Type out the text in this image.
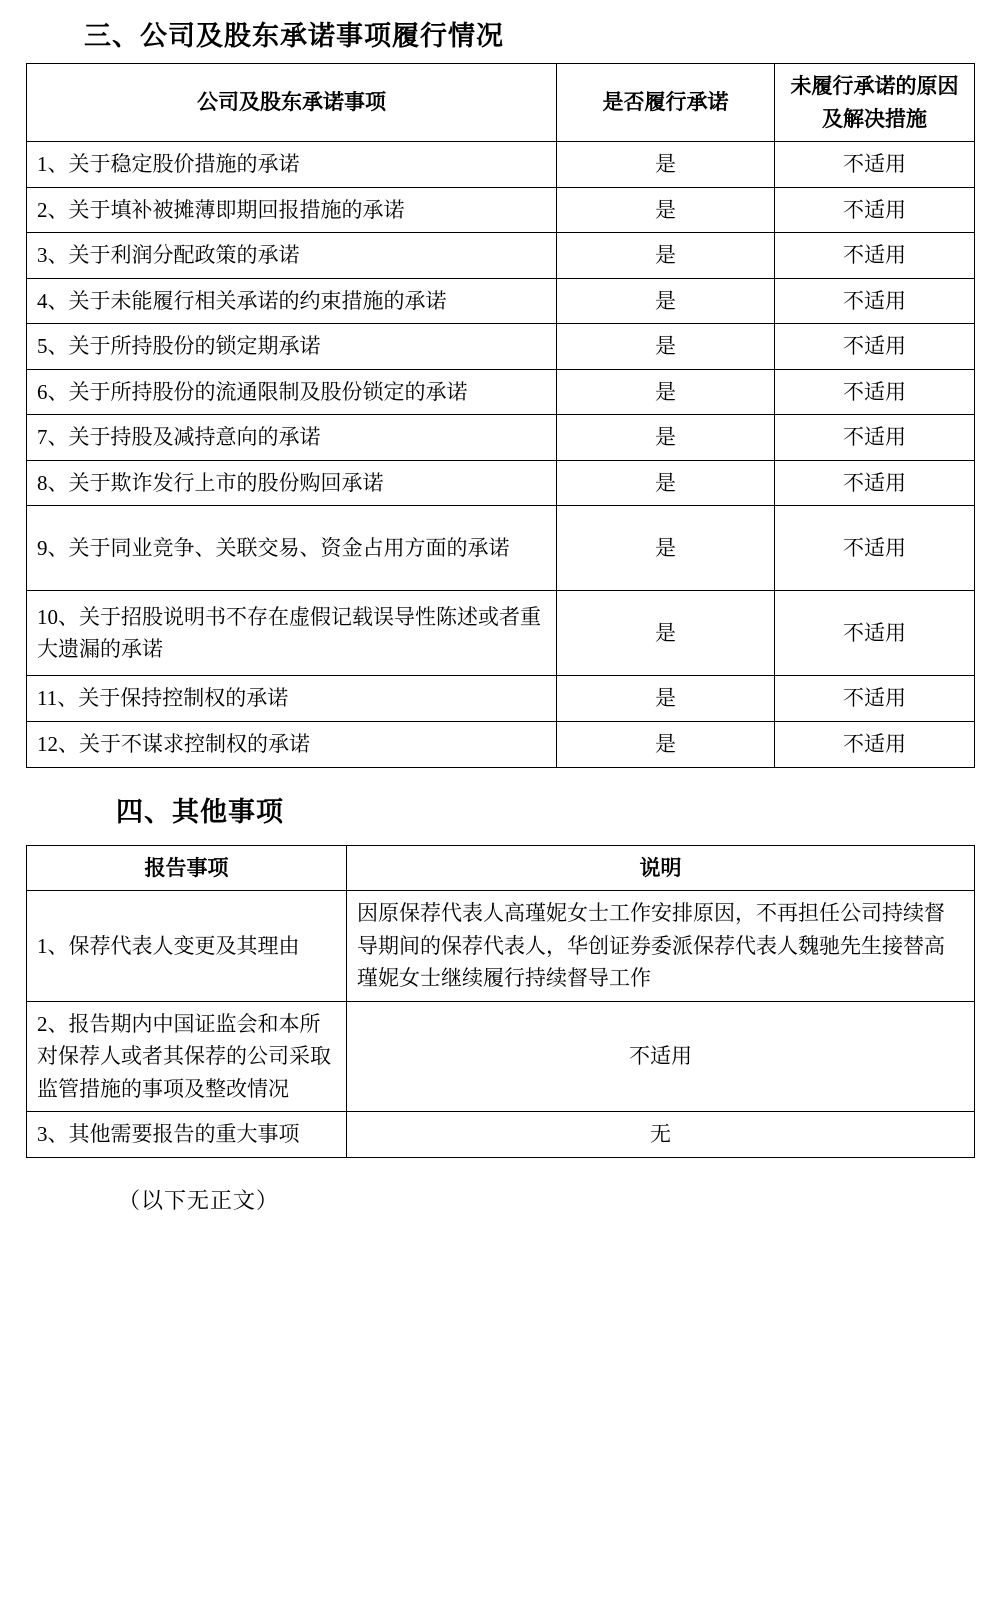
三、公司及股东承诺事项履行情况
公司及股东承诺事项	是否履行承诺	未履行承诺的原因及解决措施
1、关于稳定股价措施的承诺	是	不适用
2、关于填补被摊薄即期回报措施的承诺	是	不适用
3、关于利润分配政策的承诺	是	不适用
4、关于未能履行相关承诺的约束措施的承诺	是	不适用
5、关于所持股份的锁定期承诺	是	不适用
6、关于所持股份的流通限制及股份锁定的承诺	是	不适用
7、关于持股及减持意向的承诺	是	不适用
8、关于欺诈发行上市的股份购回承诺	是	不适用
9、关于同业竞争、关联交易、资金占用方面的承诺	是	不适用
10、关于招股说明书不存在虚假记载误导性陈述或者重大遗漏的承诺	是	不适用
11、关于保持控制权的承诺	是	不适用
12、关于不谋求控制权的承诺	是	不适用
四、其他事项
报告事项	说明
1、保荐代表人变更及其理由	因原保荐代表人高瑾妮女士工作安排原因，不再担任公司持续督导期间的保荐代表人，华创证券委派保荐代表人魏驰先生接替高瑾妮女士继续履行持续督导工作
2、报告期内中国证监会和本所对保荐人或者其保荐的公司采取监管措施的事项及整改情况	不适用
3、其他需要报告的重大事项	无
（以下无正文）
